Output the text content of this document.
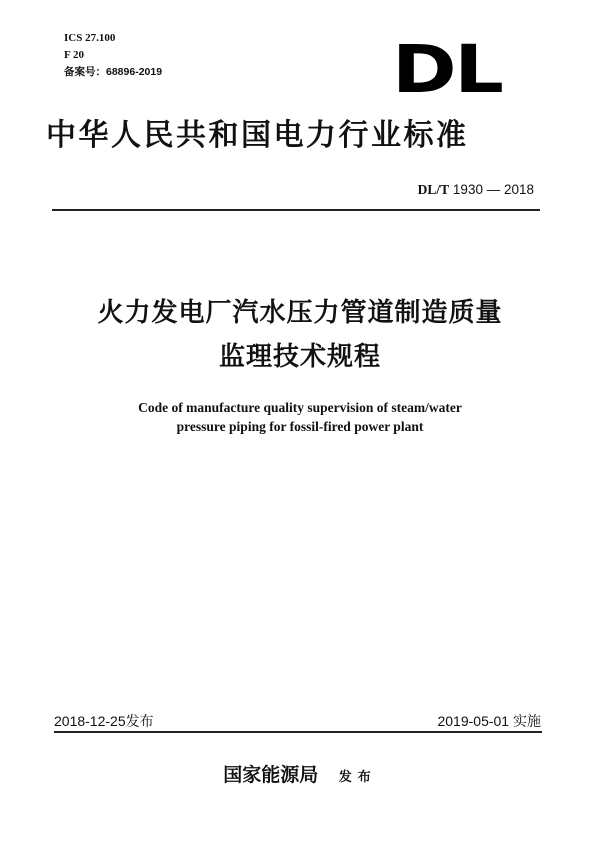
ICS 27.100
F 20
备案号：68896-2019	DL
中华人民共和国电力行业标准
DL/T 1930 — 2018
火力发电厂汽水压力管道制造质量
监理技术规程
Code of manufacture quality supervision of steam/water
pressure piping for fossil-fired power plant
2018-12-25发布	2019-05-01 实施
国家能源局 发布
